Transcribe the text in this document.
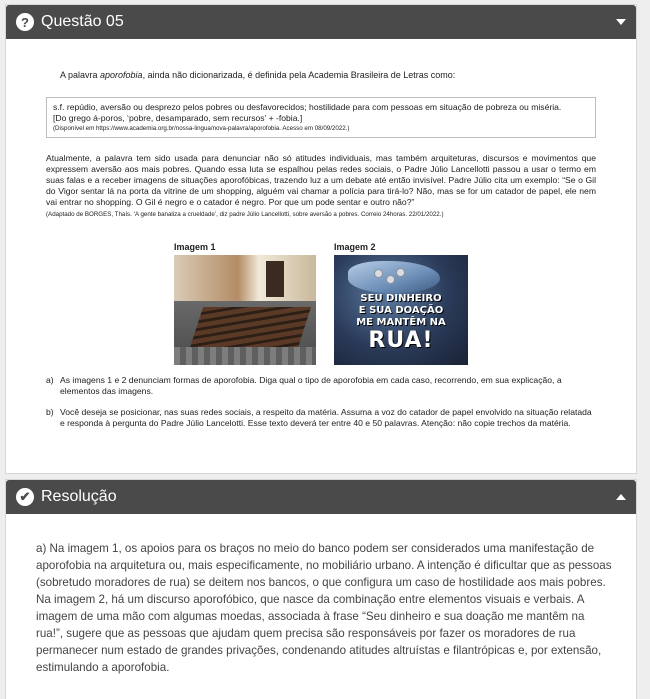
? Questão 05

A palavra aporofobia, ainda não dicionarizada, é definida pela Academia Brasileira de Letras como:

s.f. repúdio, aversão ou desprezo pelos pobres ou desfavorecidos; hostilidade para com pessoas em situação de pobreza ou miséria.
[Do grego á-poros, ‘pobre, desamparado, sem recursos’ + -fobia.]
(Disponível em https://www.academia.org.br/nossa-lingua/nova-palavra/aporofobia. Acesso em 08/09/2022.)

Atualmente, a palavra tem sido usada para denunciar não só atitudes individuais, mas também arquiteturas, discursos e movimentos que expressem aversão aos mais pobres. Quando essa luta se espalhou pelas redes sociais, o Padre Júlio Lancellotti passou a usar o termo em suas falas e a receber imagens de situações aporofóbicas, trazendo luz a um debate até então invisível. Padre Júlio cita um exemplo: “Se o Gil do Vigor sentar lá na porta da vitrine de um shopping, alguém vai chamar a polícia para tirá-lo? Não, mas se for um catador de papel, ele nem vai entrar no shopping. O Gil é negro e o catador é negro. Por que um pode sentar e outro não?”
(Adaptado de BORGES, Thaís. ‘A gente banaliza a crueldade’, diz padre Júlio Lancellotti, sobre aversão a pobres. Correio 24horas. 22/01/2022.)

Imagem 1	Imagem 2
SEU DINHEIRO
E SUA DOAÇÃO
ME MANTÊM NA
RUA!
a) As imagens 1 e 2 denunciam formas de aporofobia. Diga qual o tipo de aporofobia em cada caso, recorrendo, em sua explicação, a elementos das imagens.
b) Você deseja se posicionar, nas suas redes sociais, a respeito da matéria. Assuma a voz do catador de papel envolvido na situação relatada e responda à pergunta do Padre Júlio Lancelotti. Esse texto deverá ter entre 40 e 50 palavras. Atenção: não copie trechos da matéria.
✔ Resolução

a) Na imagem 1, os apoios para os braços no meio do banco podem ser considerados uma manifestação de aporofobia na arquitetura ou, mais especificamente, no mobiliário urbano. A intenção é dificultar que as pessoas (sobretudo moradores de rua) se deitem nos bancos, o que configura um caso de hostilidade aos mais pobres.

Na imagem 2, há um discurso aporofóbico, que nasce da combinação entre elementos visuais e verbais. A imagem de uma mão com algumas moedas, associada à frase “Seu dinheiro e sua doação me mantêm na rua!”, sugere que as pessoas que ajudam quem precisa são responsáveis por fazer os moradores de rua permanecer num estado de grandes privações, condenando atitudes altruístas e filantrópicas e, por extensão, estimulando a aporofobia.
